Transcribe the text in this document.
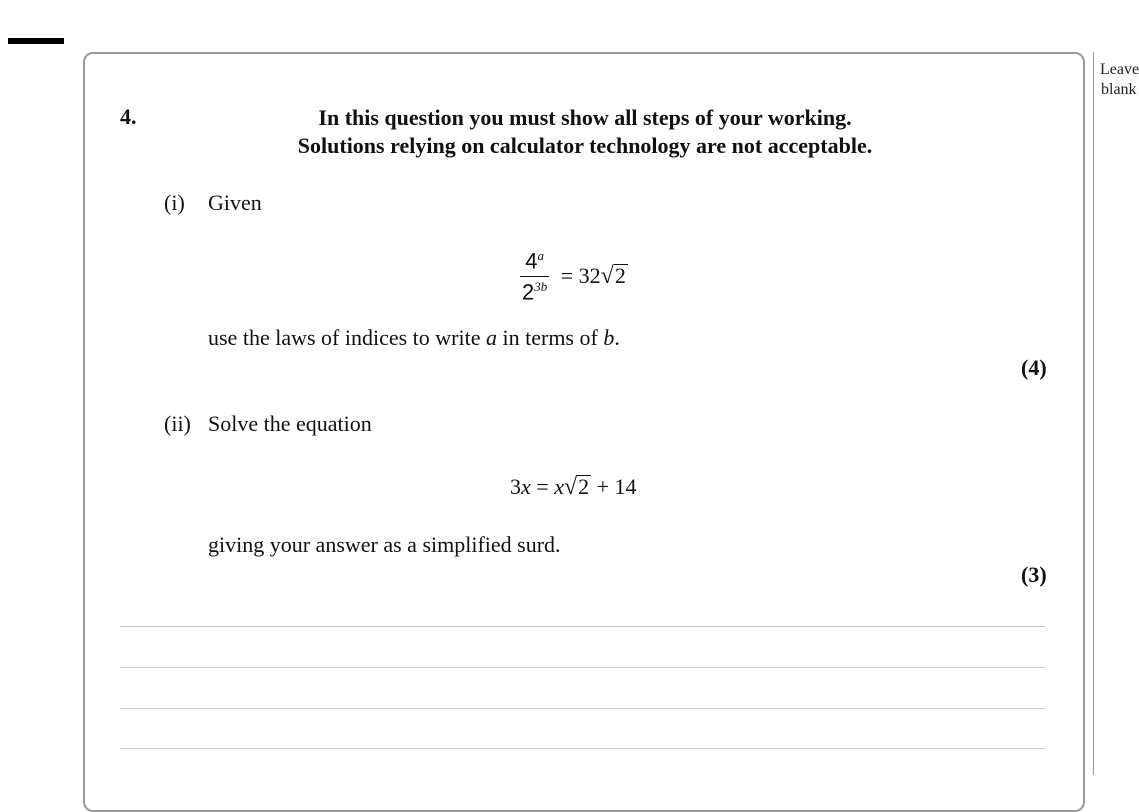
Leave
blank
4.	In this question you must show all steps of your working.
Solutions relying on calculator technology are not acceptable.
(i) Given
$\frac{4^a}{2^{3b}} = 32√2$
use the laws of indices to write a in terms of b.
(4)
(ii) Solve the equation
3x = x√2 + 14
giving your answer as a simplified surd.
(3)
